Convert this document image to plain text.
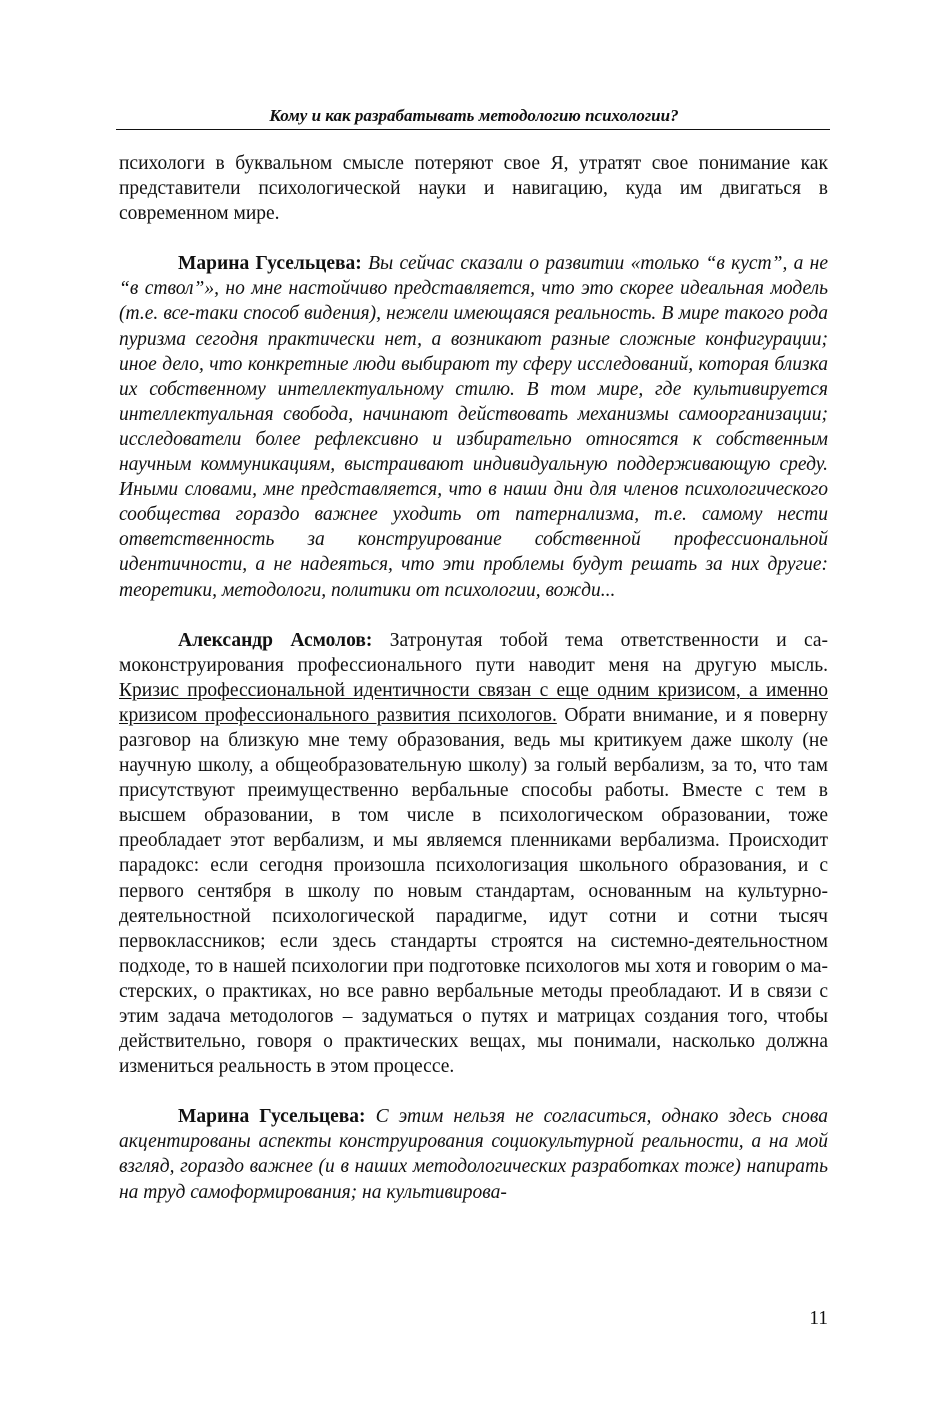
Кому и как разрабатывать методологию психологии?

психологи в буквальном смысле потеряют свое Я, утратят свое понимание как представители психологической науки и навигацию, куда им двигаться в современном мире.

Марина Гусельцева: Вы сейчас сказали о развитии «только “в куст”, а не “в ствол”», но мне настойчиво представляется, что это скорее идеальная модель (т.е. все-таки способ видения), нежели имеющаяся реальность. В мире такого рода пуризма сегодня практически нет, а возникают разные сложные конфигурации; иное дело, что конкретные люди выбирают ту сферу исследований, которая близка их собственному интеллектуальному стилю. В том мире, где культивируется интеллектуальная свобода, начинают действовать механизмы самоорганизации; исследователи более рефлексивно и избирательно относятся к собственным научным коммуникациям, выстраивают индивидуальную поддерживающую среду. Иными словами, мне представляется, что в наши дни для членов психологического сообщества гораздо важнее уходить от патернализма, т.е. самому нести ответственность за конструирование собственной профессиональной идентичности, а не надеяться, что эти проблемы будут решать за них другие: теоретики, методологи, политики от психологии, вожди...

Александр Асмолов: Затронутая тобой тема ответственности и самоконструирования профессионального пути наводит меня на другую мысль. Кризис профессиональной идентичности связан с еще одним кризисом, а именно кризисом профессионального развития психологов. Обрати внимание, и я поверну разговор на близкую мне тему образования, ведь мы критикуем даже школу (не научную школу, а общеобразовательную школу) за голый вербализм, за то, что там присутствуют преимущественно вербальные способы работы. Вместе с тем в высшем образовании, в том числе в психологическом образовании, тоже преобладает этот вербализм, и мы являемся пленниками вербализма. Происходит парадокс: если сегодня произошла психологизация школьного образования, и с первого сентября в школу по новым стандартам, основанным на культурно-деятельностной психологической парадигме, идут сотни и сотни тысяч первоклассников; если здесь стандарты строятся на системно-деятельностном подходе, то в нашей психологии при подготовке психологов мы хотя и говорим о мастерских, о практиках, но все равно вербальные методы преобладают. И в связи с этим задача методологов – задуматься о путях и матрицах создания того, чтобы действительно, говоря о практических вещах, мы понимали, насколько должна измениться реальность в этом процессе.

Марина Гусельцева: С этим нельзя не согласиться, однако здесь снова акцентированы аспекты конструирования социокультурной реальности, а на мой взгляд, гораздо важнее (и в наших методологических разработках тоже) напирать на труд самоформирования; на культивирова-

11
